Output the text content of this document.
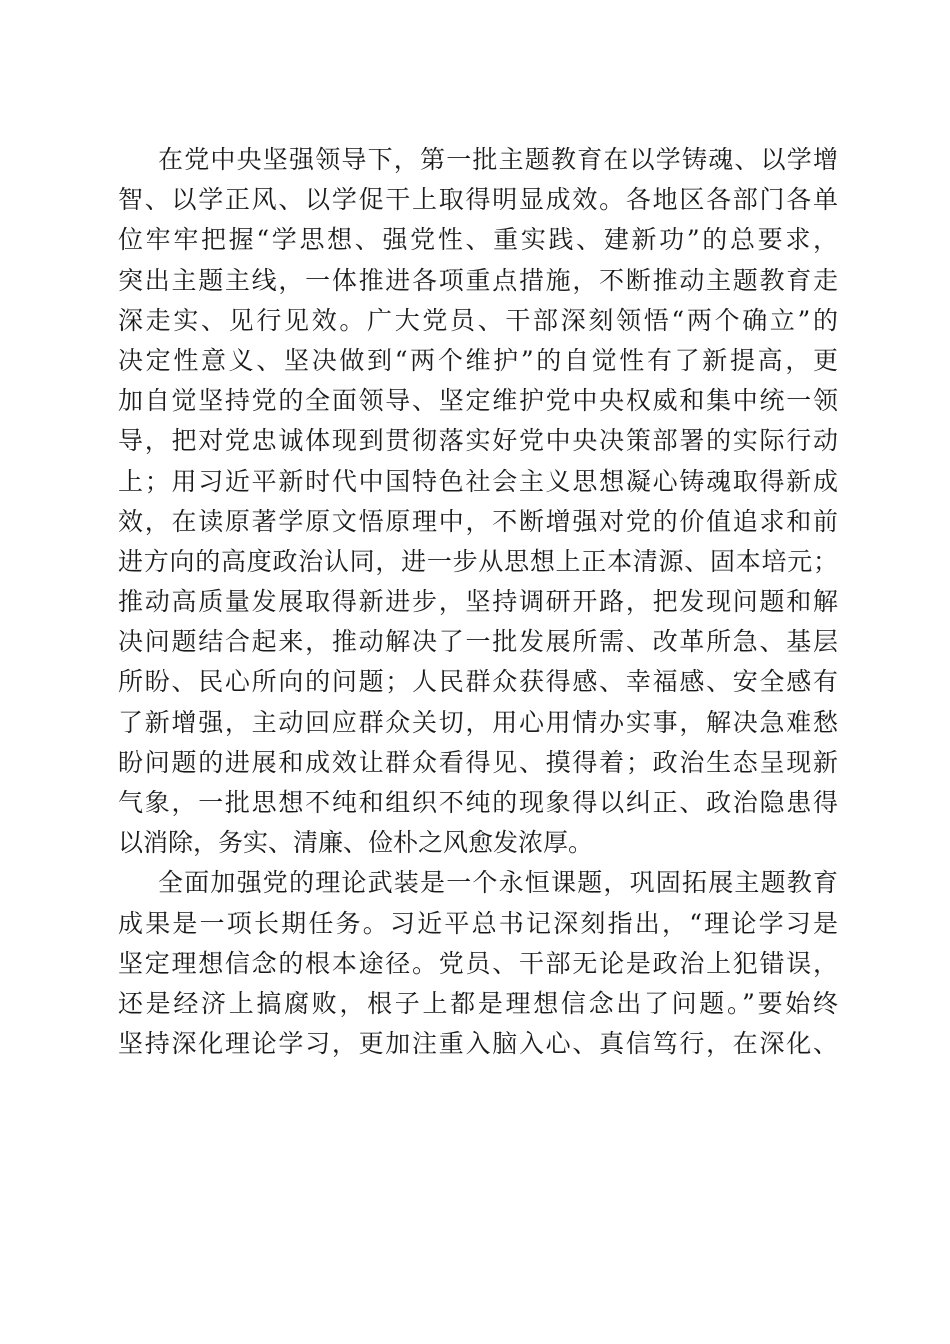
在党中央坚强领导下，第一批主题教育在以学铸魂、以学增
智、以学正风、以学促干上取得明显成效。各地区各部门各单
位牢牢把握“学思想、强党性、重实践、建新功”的总要求，
突出主题主线，一体推进各项重点措施，不断推动主题教育走
深走实、见行见效。广大党员、干部深刻领悟“两个确立”的
决定性意义、坚决做到“两个维护”的自觉性有了新提高，更
加自觉坚持党的全面领导、坚定维护党中央权威和集中统一领
导，把对党忠诚体现到贯彻落实好党中央决策部署的实际行动
上；用习近平新时代中国特色社会主义思想凝心铸魂取得新成
效，在读原著学原文悟原理中，不断增强对党的价值追求和前
进方向的高度政治认同，进一步从思想上正本清源、固本培元；
推动高质量发展取得新进步，坚持调研开路，把发现问题和解
决问题结合起来，推动解决了一批发展所需、改革所急、基层
所盼、民心所向的问题；人民群众获得感、幸福感、安全感有
了新增强，主动回应群众关切，用心用情办实事，解决急难愁
盼问题的进展和成效让群众看得见、摸得着；政治生态呈现新
气象，一批思想不纯和组织不纯的现象得以纠正、政治隐患得
以消除，务实、清廉、俭朴之风愈发浓厚。
全面加强党的理论武装是一个永恒课题，巩固拓展主题教育
成果是一项长期任务。习近平总书记深刻指出，“理论学习是
坚定理想信念的根本途径。党员、干部无论是政治上犯错误，
还是经济上搞腐败，根子上都是理想信念出了问题。”要始终
坚持深化理论学习，更加注重入脑入心、真信笃行，在深化、
